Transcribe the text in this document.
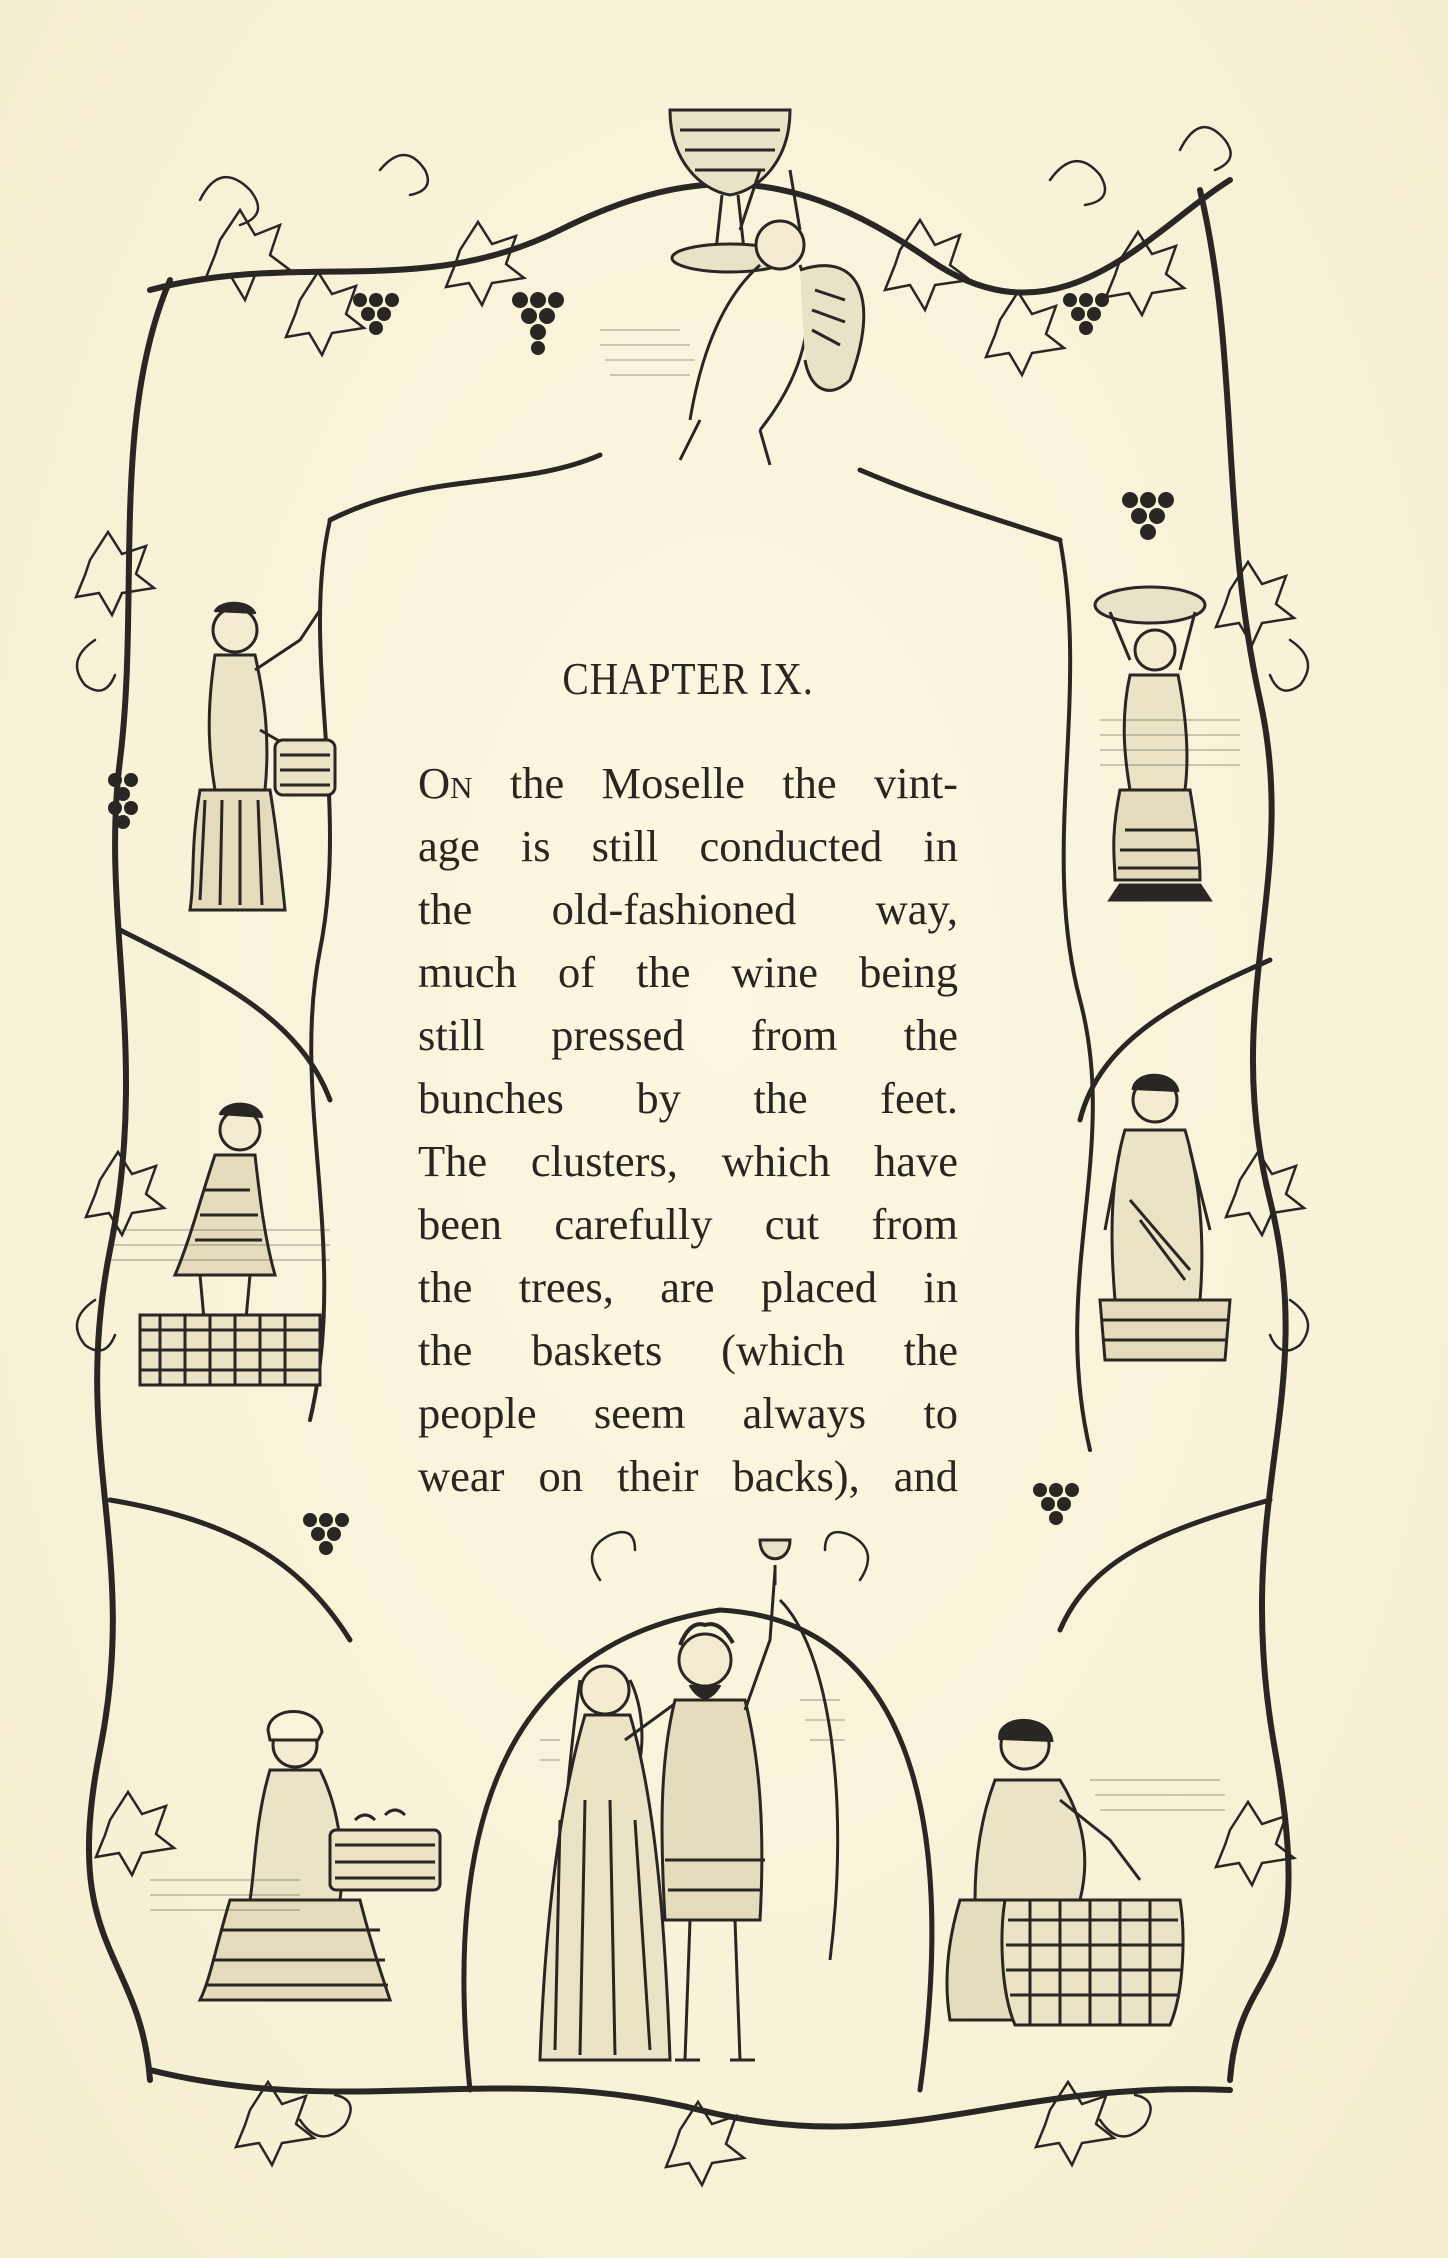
CHAPTER IX.
On the Moselle the vint-
age is still conducted in
the old-fashioned way,
much of the wine being
still pressed from the
bunches by the feet.
The clusters, which have
been carefully cut from
the trees, are placed in
the baskets (which the
people seem always to
wear on their backs), and
